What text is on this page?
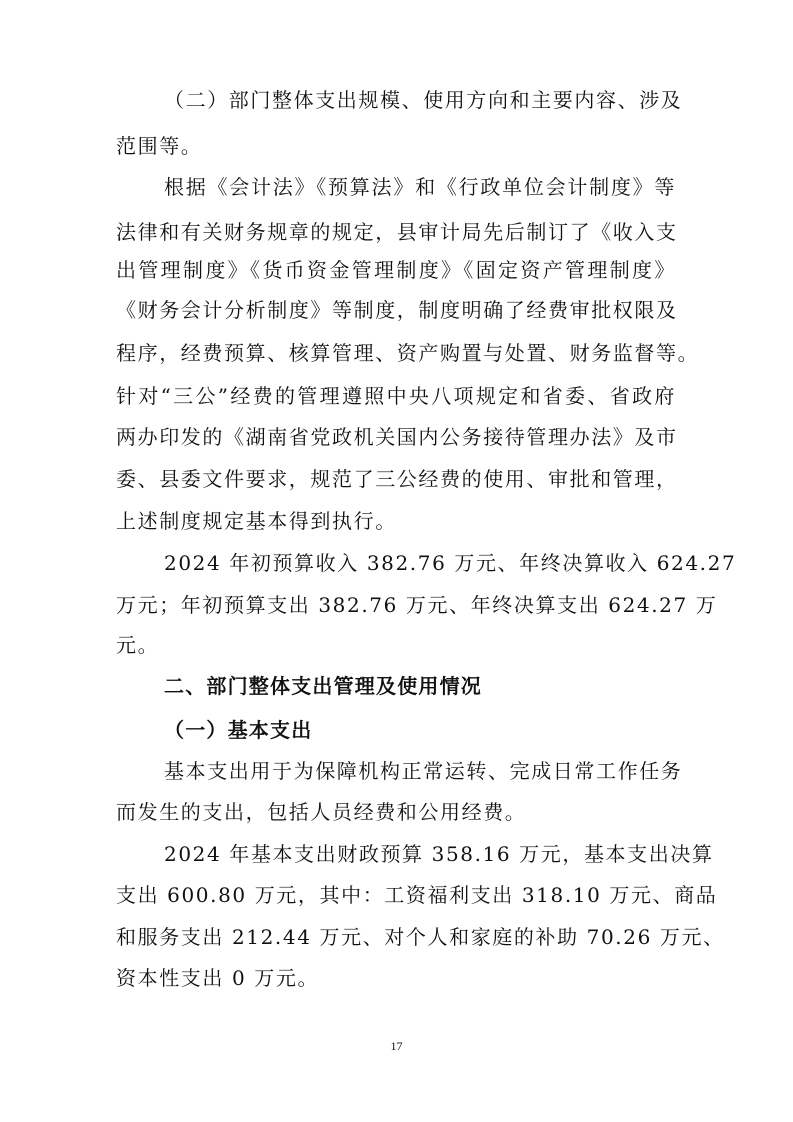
（二）部门整体支出规模、使用方向和主要内容、涉及
范围等。
根据《会计法》《预算法》和《行政单位会计制度》等
法律和有关财务规章的规定，县审计局先后制订了《收入支
出管理制度》《货币资金管理制度》《固定资产管理制度》
《财务会计分析制度》等制度，制度明确了经费审批权限及
程序，经费预算、核算管理、资产购置与处置、财务监督等。
针对“三公”经费的管理遵照中央八项规定和省委、省政府
两办印发的《湖南省党政机关国内公务接待管理办法》及市
委、县委文件要求，规范了三公经费的使用、审批和管理，
上述制度规定基本得到执行。
2024 年初预算收入 382.76 万元、年终决算收入 624.27
万元；年初预算支出 382.76 万元、年终决算支出 624.27 万
元。
二、部门整体支出管理及使用情况
（一）基本支出
基本支出用于为保障机构正常运转、完成日常工作任务
而发生的支出，包括人员经费和公用经费。
2024 年基本支出财政预算 358.16 万元，基本支出决算
支出 600.80 万元，其中：工资福利支出 318.10 万元、商品
和服务支出 212.44 万元、对个人和家庭的补助 70.26 万元、
资本性支出 0 万元。
17
